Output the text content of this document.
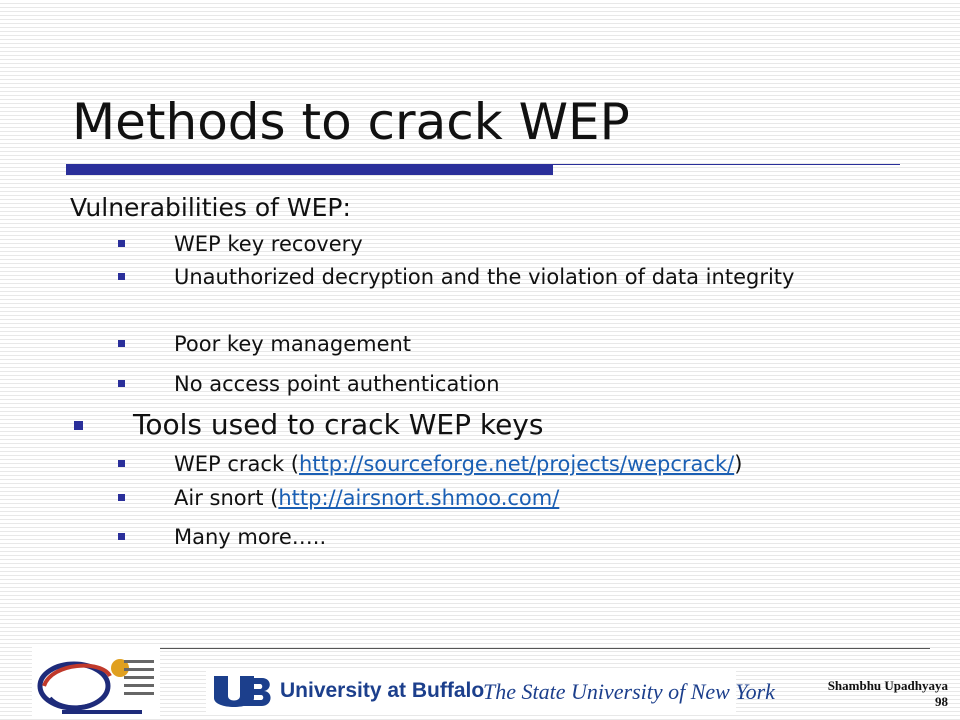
Methods to crack WEP
Vulnerabilities of WEP:
WEP key recovery
Unauthorized decryption and the violation of data integrity
Poor key management
No access point authentication
Tools used to crack WEP keys
WEP crack (http://sourceforge.net/projects/wepcrack/)
Air snort (http://airsnort.shmoo.com/
Many more…..
University at Buffalo
The State University of New York	Shambhu Upadhyaya
98
